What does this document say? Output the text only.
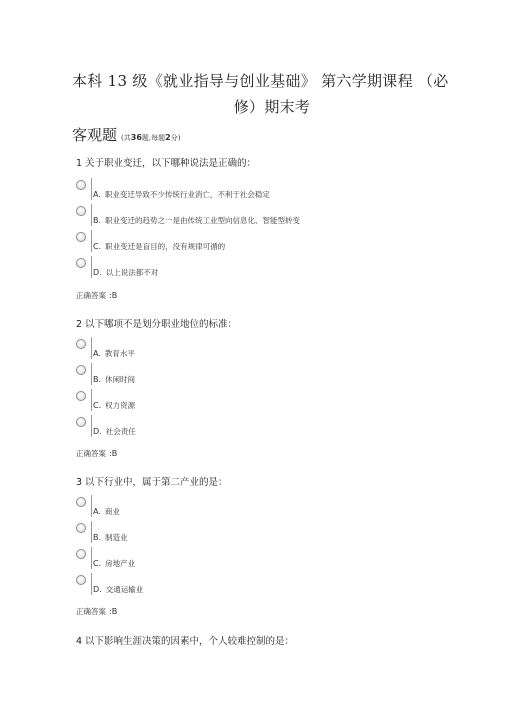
本科 13 级《就业指导与创业基础》 第六学期课程 （必
修）期末考
客观题 (共36题,每题2分)
1 关于职业变迁，以下哪种说法是正确的：
A. 职业变迁导致不少传统行业消亡，不利于社会稳定
B. 职业变迁的趋势之一是由传统工业型向信息化、智能型转变
C. 职业变迁是盲目的，没有规律可循的
D. 以上说法都不对
正确答案 :B
2 以下哪项不是划分职业地位的标准：
A. 教育水平
B. 休闲时间
C. 权力资源
D. 社会责任
正确答案 :B
3 以下行业中，属于第二产业的是：
A. 商业
B. 制造业
C. 房地产业
D. 交通运输业
正确答案 :B
4 以下影响生涯决策的因素中，个人较难控制的是：
